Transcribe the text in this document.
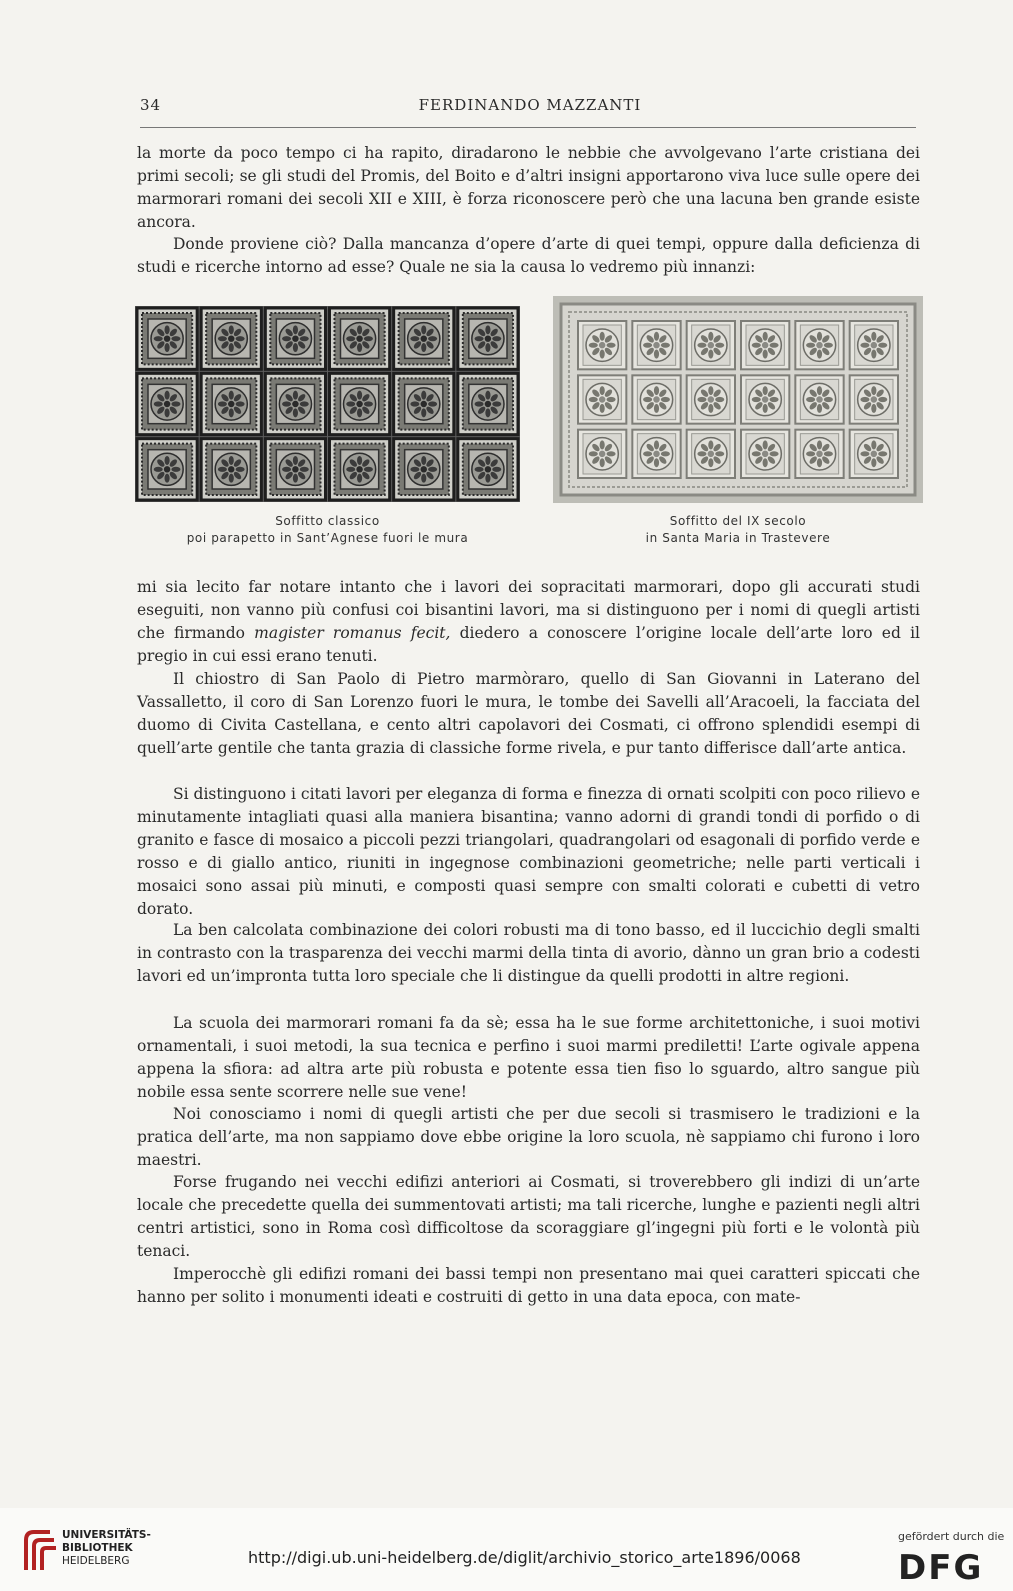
34	FERDINANDO MAZZANTI

la morte da poco tempo ci ha rapito, diradarono le nebbie che avvolgevano l’arte cristiana dei primi secoli; se gli studi del Promis, del Boito e d’altri insigni apportarono viva luce sulle opere dei marmorari romani dei secoli XII e XIII, è forza riconoscere però che una lacuna ben grande esiste ancora.

Donde proviene ciò? Dalla mancanza d’opere d’arte di quei tempi, oppure dalla deficienza di studi e ricerche intorno ad esse? Quale ne sia la causa lo vedremo più innanzi:

Soffitto classico
poi parapetto in Sant’Agnese fuori le mura
Soffitto del IX secolo
in Santa Maria in Trastevere

mi sia lecito far notare intanto che i lavori dei sopracitati marmorari, dopo gli accurati studi eseguiti, non vanno più confusi coi bisantini lavori, ma si distinguono per i nomi di quegli artisti che firmando magister romanus fecit, diedero a conoscere l’origine locale dell’arte loro ed il pregio in cui essi erano tenuti.

Il chiostro di San Paolo di Pietro marmòraro, quello di San Giovanni in Laterano del Vassalletto, il coro di San Lorenzo fuori le mura, le tombe dei Savelli all’Aracoeli, la facciata del duomo di Civita Castellana, e cento altri capolavori dei Cosmati, ci offrono splendidi esempi di quell’arte gentile che tanta grazia di classiche forme rivela, e pur tanto differisce dall’arte antica.

Si distinguono i citati lavori per eleganza di forma e finezza di ornati scolpiti con poco rilievo e minutamente intagliati quasi alla maniera bisantina; vanno adorni di grandi tondi di porfido o di granito e fasce di mosaico a piccoli pezzi triangolari, quadrangolari od esagonali di porfido verde e rosso e di giallo antico, riuniti in ingegnose combinazioni geometriche; nelle parti verticali i mosaici sono assai più minuti, e composti quasi sempre con smalti colorati e cubetti di vetro dorato.

La ben calcolata combinazione dei colori robusti ma di tono basso, ed il luccichio degli smalti in contrasto con la trasparenza dei vecchi marmi della tinta di avorio, dànno un gran brio a codesti lavori ed un’impronta tutta loro speciale che li distingue da quelli prodotti in altre regioni.

La scuola dei marmorari romani fa da sè; essa ha le sue forme architettoniche, i suoi motivi ornamentali, i suoi metodi, la sua tecnica e perfino i suoi marmi prediletti! L’arte ogivale appena appena la sfiora: ad altra arte più robusta e potente essa tien fiso lo sguardo, altro sangue più nobile essa sente scorrere nelle sue vene!

Noi conosciamo i nomi di quegli artisti che per due secoli si trasmisero le tradizioni e la pratica dell’arte, ma non sappiamo dove ebbe origine la loro scuola, nè sappiamo chi furono i loro maestri.

Forse frugando nei vecchi edifizi anteriori ai Cosmati, si troverebbero gli indizi di un’arte locale che precedette quella dei summentovati artisti; ma tali ricerche, lunghe e pazienti negli altri centri artistici, sono in Roma così difficoltose da scoraggiare gl’ingegni più forti e le volontà più tenaci.

Imperocchè gli edifizi romani dei bassi tempi non presentano mai quei caratteri spiccati che hanno per solito i monumenti ideati e costruiti di getto in una data epoca, con mate-

UNIVERSITÄTS-
BIBLIOTHEK
HEIDELBERG	http://digi.ub.uni-heidelberg.de/diglit/archivio_storico_arte1896/0068
gefördert durch die
DFG
